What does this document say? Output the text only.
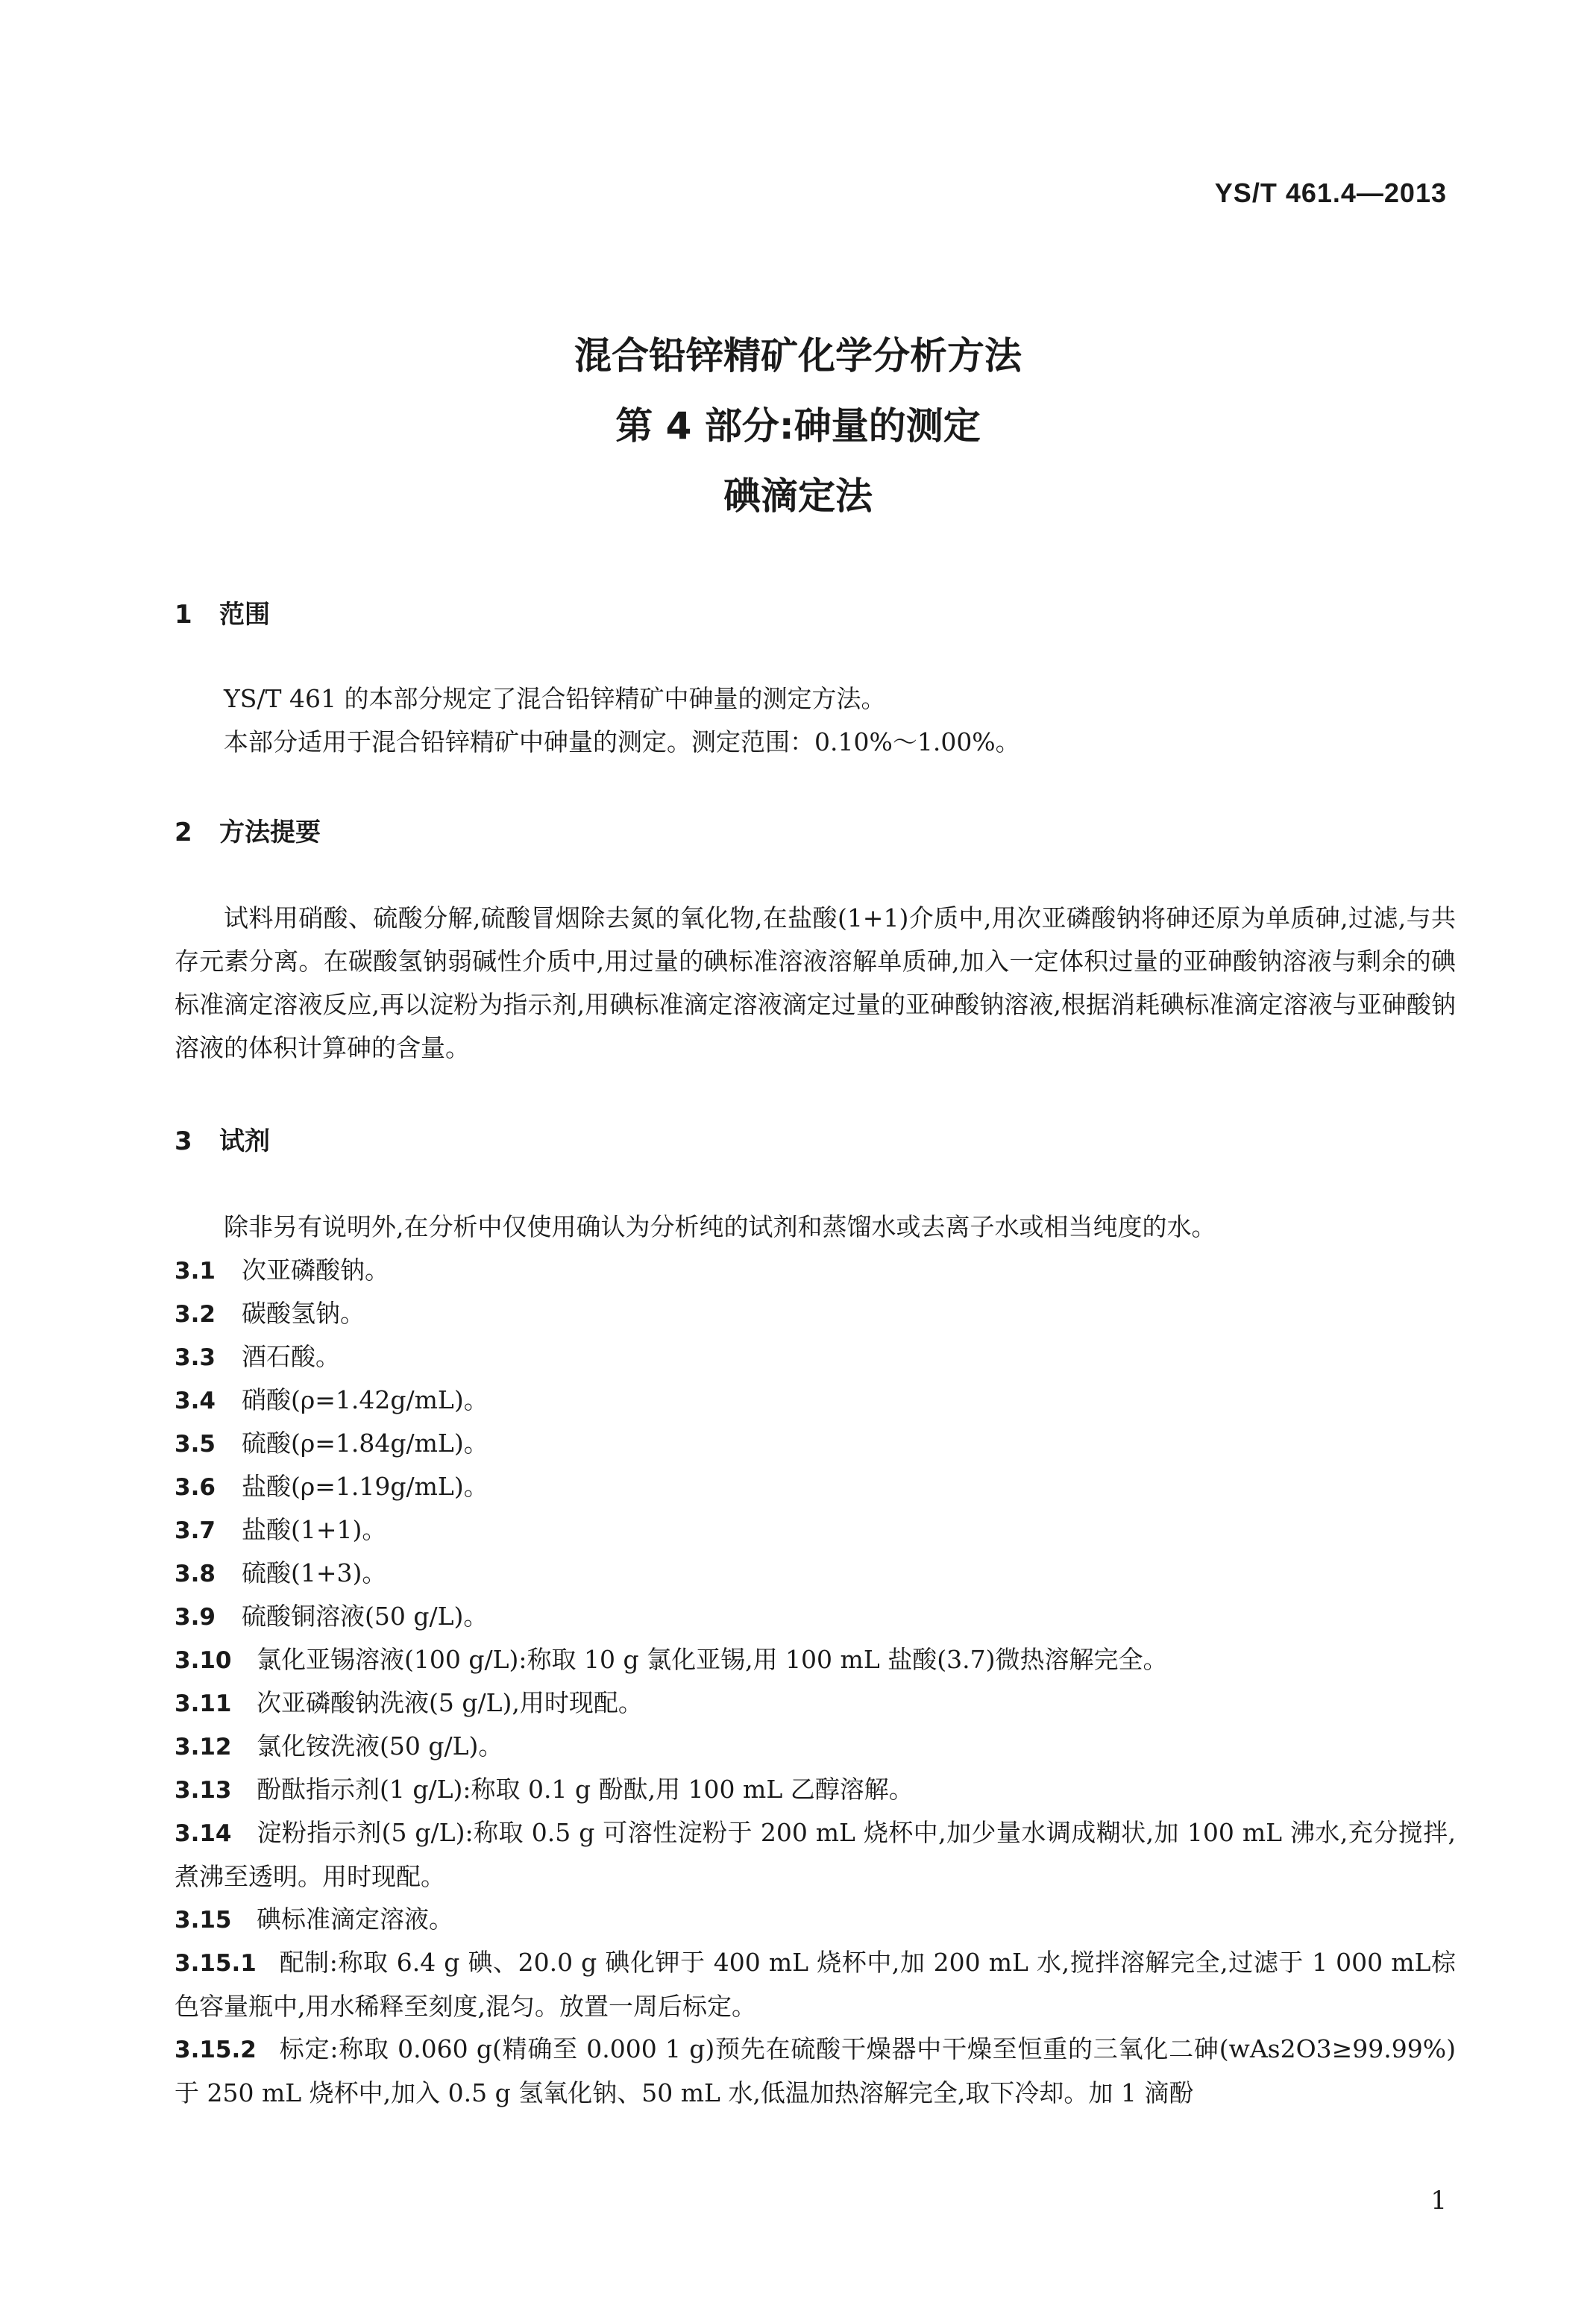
YS/T 461.4—2013
混合铅锌精矿化学分析方法
第 4 部分:砷量的测定
碘滴定法
1 范围
YS/T 461 的本部分规定了混合铅锌精矿中砷量的测定方法。
本部分适用于混合铅锌精矿中砷量的测定。测定范围：0.10%～1.00%。
2 方法提要
试料用硝酸、硫酸分解,硫酸冒烟除去氮的氧化物,在盐酸(1+1)介质中,用次亚磷酸钠将砷还原为单质砷,过滤,与共存元素分离。在碳酸氢钠弱碱性介质中,用过量的碘标准溶液溶解单质砷,加入一定体积过量的亚砷酸钠溶液与剩余的碘标准滴定溶液反应,再以淀粉为指示剂,用碘标准滴定溶液滴定过量的亚砷酸钠溶液,根据消耗碘标准滴定溶液与亚砷酸钠溶液的体积计算砷的含量。
3 试剂
除非另有说明外,在分析中仅使用确认为分析纯的试剂和蒸馏水或去离子水或相当纯度的水。
3.1 次亚磷酸钠。
3.2 碳酸氢钠。
3.3 酒石酸。
3.4 硝酸(ρ=1.42g/mL)。
3.5 硫酸(ρ=1.84g/mL)。
3.6 盐酸(ρ=1.19g/mL)。
3.7 盐酸(1+1)。
3.8 硫酸(1+3)。
3.9 硫酸铜溶液(50 g/L)。
3.10 氯化亚锡溶液(100 g/L):称取 10 g 氯化亚锡,用 100 mL 盐酸(3.7)微热溶解完全。
3.11 次亚磷酸钠洗液(5 g/L),用时现配。
3.12 氯化铵洗液(50 g/L)。
3.13 酚酞指示剂(1 g/L):称取 0.1 g 酚酞,用 100 mL 乙醇溶解。
3.14 淀粉指示剂(5 g/L):称取 0.5 g 可溶性淀粉于 200 mL 烧杯中,加少量水调成糊状,加 100 mL 沸水,充分搅拌,煮沸至透明。用时现配。
3.15 碘标准滴定溶液。
3.15.1 配制:称取 6.4 g 碘、20.0 g 碘化钾于 400 mL 烧杯中,加 200 mL 水,搅拌溶解完全,过滤于 1 000 mL棕色容量瓶中,用水稀释至刻度,混匀。放置一周后标定。
3.15.2 标定:称取 0.060 g(精确至 0.000 1 g)预先在硫酸干燥器中干燥至恒重的三氧化二砷(wAs2O3≥99.99%)于 250 mL 烧杯中,加入 0.5 g 氢氧化钠、50 mL 水,低温加热溶解完全,取下冷却。加 1 滴酚
1
